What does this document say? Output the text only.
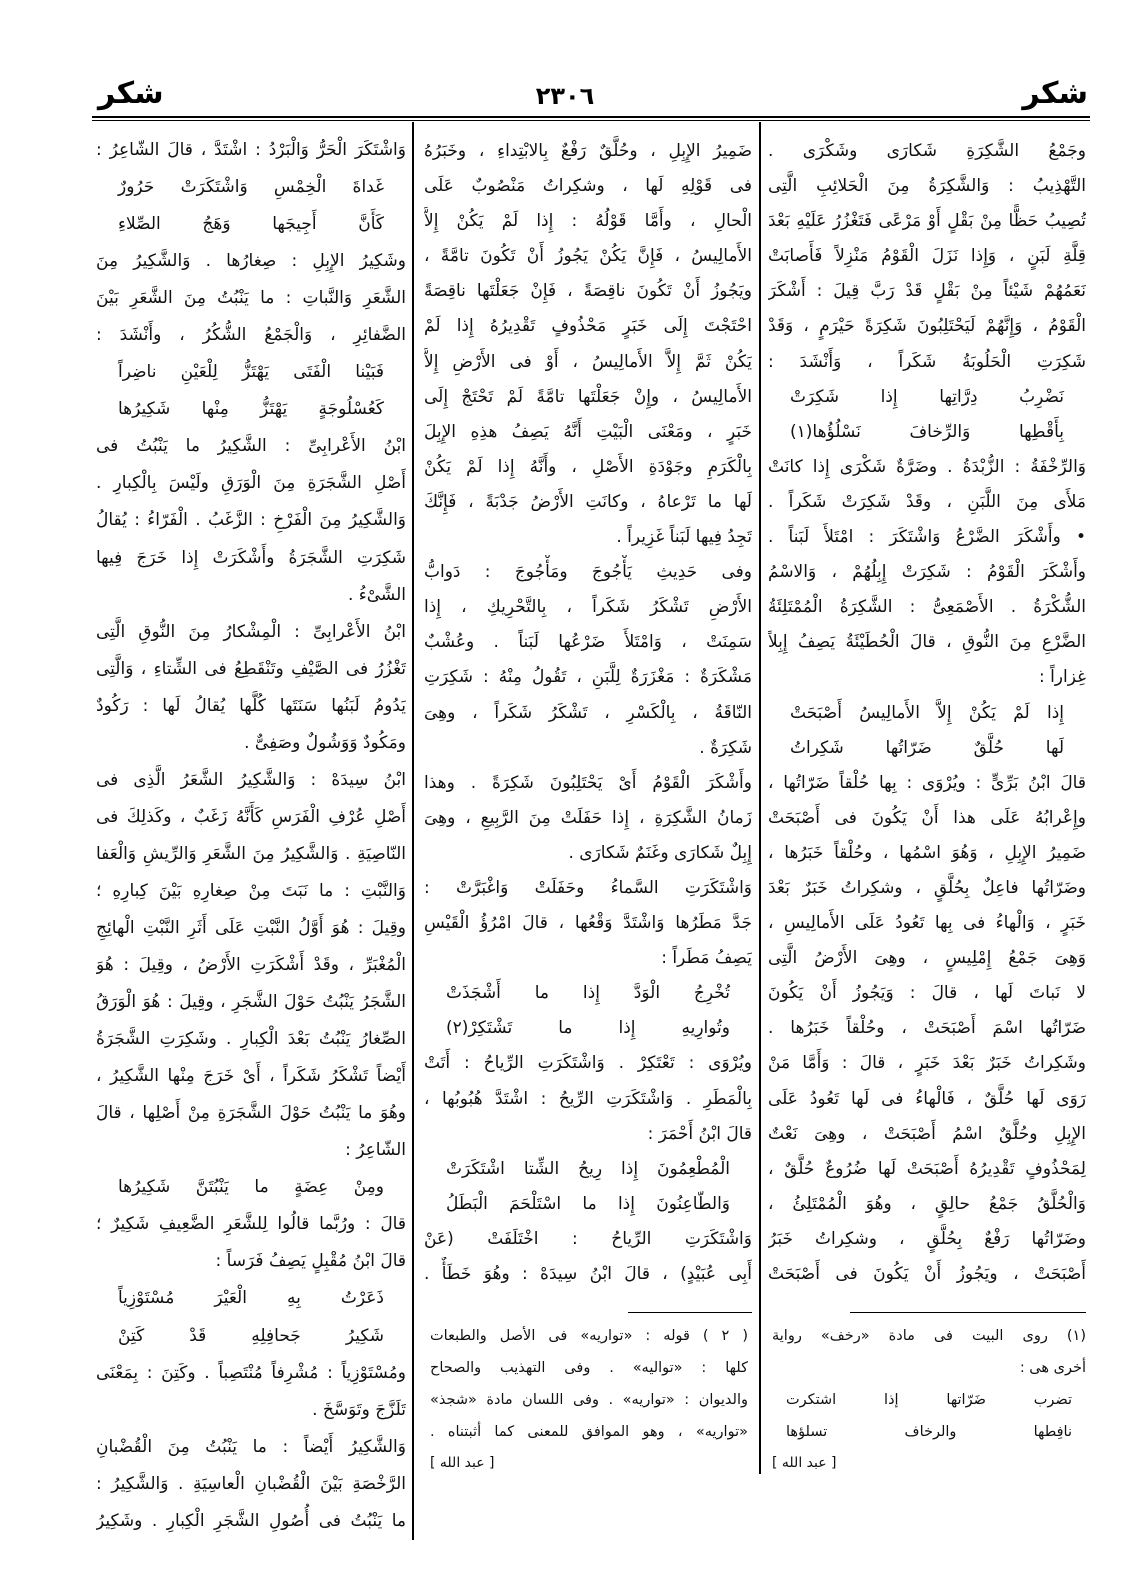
شكر
٢٣٠٦
شكر
وجَمْعُ الشَّكِرَةِ شَكارَى وشَكْرَى .
التَّهْذِيبُ : وَالشَّكِرَةُ مِنَ الْحَلائِبِ الَّتِى
تُصِيبُ حَظًّا مِنْ بَقْلٍ أَوْ مَرْعًى فَتَغْزُرُ عَلَيْهِ بَعْدَ
قِلَّةِ لَبَنٍ ، وَإِذا نَزَلَ الْقَوْمُ مَنْزِلاً فَأَصابَتْ
نَعَمُهُمْ شَيْئاً مِنْ بَقْلٍ قَدْ رَبَّ قِيلَ : أَشْكَرَ
الْقَوْمُ ، وَإِنَّهُمْ لَيَحْتَلِبُونَ شَكِرَةً حَيْرَمٍ ، وَقَدْ
شَكِرَتِ الْحَلُوبَةُ شَكَراً ، وَأَنْشَدَ :
نَضْرِبُ دِرَّاتِها إِذا شَكِرَتْ
بِأَقْطِها وَالرِّخافَ نَسْلُؤُها(١)
وَالرِّخْفَةُ : الزُّبْدَةُ . وضَرَّةٌ شَكْرَى إِذا كانَتْ
مَلأَى مِنَ اللَّبَنِ ، وقَدْ شَكِرَتْ شَكَراً .
• وأَشْكَرَ الضَّرْعُ وَاشْتَكَرَ : امْتَلأَ لَبَناً .
وأَشْكَرَ الْقَوْمُ : شَكِرَتْ إِبِلُهُمْ ، وَالاسْمُ
الشُّكْرَةُ . الأَصْمَعِىُّ : الشَّكِرَةُ الْمُمْتَلِئَةُ
الضَّرْعِ مِنَ النُّوقِ ، قالَ الْحُطَيْئَةُ يَصِفُ إِبِلاً
غِزاراً :
إِذا لَمْ يَكُنْ إِلاَّ الأَمالِيسُ أَصْبَحَتْ
لَها حُلَّقٌ ضَرّاتُها شَكِراتُ
قالَ ابْنُ بَرِّىٍّ : ويُرْوَى : بِها حُلْقاً ضَرّاتُها ،
وإِعْرابُهُ عَلَى هذا أَنْ يَكُونَ فى أَصْبَحَتْ
ضَمِيرُ الإِبِلِ ، وَهُوَ اسْمُها ، وحُلْقاً خَبَرُها ،
وضَرّاتُها فاعِلٌ بِحُلَّقٍ ، وشكِراتُ خَبَرٌ بَعْدَ
خَبَرٍ ، وَالْهاءُ فى بِها تَعُودُ عَلَى الأَمالِيسِ ،
وَهِىَ جَمْعُ إِمْلِيسٍ ، وهِىَ الأَرْضُ الَّتِى
لا نَباتَ لَها ، قالَ : وَيَجُوزُ أَنْ يَكُونَ
ضَرّاتُها اسْمَ أَصْبَحَتْ ، وحُلْقاً خَبَرُها .
وشَكِراتُ خَبَرٌ بَعْدَ خَبَرٍ ، قالَ : وَأَمَّا مَنْ
رَوَى لَها حُلَّقٌ ، فَالْهاءُ فى لَها تَعُودُ عَلَى
الإِبِلِ وحُلَّقٌ اسْمُ أَصْبَحَتْ ، وهِىَ نَعْتٌ
لِمَحْذُوفٍ تَقْدِيرُهُ أَصْبَحَتْ لَها ضُرُوعٌ حُلَّقٌ ،
وَالْحُلَّقُ جَمْعُ حالِقٍ ، وهُوَ الْمُمْتَلِئُ ،
وضَرّاتُها رَفْعٌ بِحُلَّقٍ ، وشكِراتُ خَبَرُ
أَصْبَحَتْ ، ويَجُوزُ أَنْ يَكُونَ فى أَصْبَحَتْ
ضَمِيرُ الإِبِلِ ، وحُلَّقٌ رَفْعٌ بِالابْتِداءِ ، وخَبَرُهُ
فى قَوْلِهِ لَها ، وشكِراتُ مَنْصُوبٌ عَلَى
الْحالِ ، وأَمَّا قَوْلُهُ : إِذا لَمْ يَكُنْ إِلاَّ
الأَمالِيسُ ، فَإِنَّ يَكُنْ يَجُوزُ أَنْ تَكُونَ تامَّةً ،
ويَجُوزُ أَنْ تَكُونَ ناقِصَةً ، فَإِنْ جَعَلْتَها ناقِصَةً
احْتَجْتَ إِلَى خَبَرٍ مَحْذُوفٍ تَقْدِيرُهُ إِذا لَمْ
يَكُنْ ثَمَّ إِلاَّ الأَمالِيسُ ، أَوْ فى الأَرْضِ إِلاَّ
الأَمالِيسُ ، وإِنْ جَعَلْتَها تامَّةً لَمْ تَحْتَجْ إِلَى
خَبَرٍ ، ومَعْنَى الْبَيْتِ أَنَّهُ يَصِفُ هذِهِ الإِبِلَ
بِالْكَرَمِ وجَوْدَةِ الأَصْلِ ، وأَنَّهُ إِذا لَمْ يَكُنْ
لَها ما تَرْعاهُ ، وكانَتِ الأَرْضُ جَدْبَةً ، فَإِنَّكَ
تَجِدُ فِيها لَبَناً غَزِيراً .
وفى حَدِيثِ يَأْجُوجَ ومَأْجُوجَ : دَوابُّ
الأَرْضِ تَشْكَرُ شَكَراً ، بِالتَّحْرِيكِ ، إِذا
سَمِنَتْ ، وَامْتَلأَ ضَرْعُها لَبَناً . وعُشْبٌ
مَشْكَرَةٌ : مَغْزَرَةٌ لِلَّبَنِ ، تَقُولُ مِنْهُ : شَكِرَتِ
النّاقَةُ ، بِالْكَسْرِ ، تَشْكَرُ شَكَراً ، وهِىَ
شَكِرَةٌ .
وأَشْكَرَ الْقَوْمُ أَىْ يَحْتَلِبُونَ شَكِرَةً . وهذا
زَمانُ الشَّكِرَةِ ، إِذا حَفَلَتْ مِنَ الرَّبِيعِ ، وهِىَ
إِبِلٌ شَكارَى وغَنَمٌ شَكارَى .
وَاشْتَكَرَتِ السَّماءُ وحَفَلَتْ وَاغْبَرَّتْ :
جَدَّ مَطَرُها وَاشْتَدَّ وَقْعُها ، قالَ امْرُؤُ الْقَيْسِ
يَصِفُ مَطَراً :
تُخْرِجُ الْوَدَّ إِذا ما أَشْجَذَتْ
وتُوارِيهِ إِذا ما تَشْتَكِرْ(٢)
ويُرْوَى : تَعْتَكِرْ . وَاشْتَكَرَتِ الرِّياحُ : أَتَتْ
بِالْمَطَرِ . وَاشْتَكَرَتِ الرِّيحُ : اشْتَدَّ هُبُوبُها ،
قالَ ابْنُ أَحْمَرَ :
الْمُطْعِمُونَ إِذا رِيحُ الشِّتا اشْتَكَرَتْ
وَالطّاعِنُونَ إِذا ما اسْتَلْحَمَ الْبَطَلُ
وَاشْتَكَرَتِ الرِّياحُ : اخْتَلَفَتْ (عَنْ
أَبِى عُبَيْدٍ) ، قالَ ابْنُ سِيدَهْ : وهُوَ خَطَأٌ .
وَاشْتَكَرَ الْحَرُّ وَالْبَرْدُ : اشْتَدَّ ، قالَ الشّاعِرُ :
غَداةَ الْخِمْسِ وَاشْتَكَرَتْ حَرُورٌ
كَأَنَّ أَجِيجَها وَهَجُ الصِّلاءِ
وشَكِيرُ الإِبِلِ : صِغارُها . وَالشَّكِيرُ مِنَ
الشَّعَرِ وَالنَّباتِ : ما يَنْبُتُ مِنَ الشَّعَرِ بَيْنَ
الضَّفائِرِ ، وَالْجَمْعُ الشُّكُرُ ، وأَنْشَدَ :
فَبَيْنا الْفَتَى يَهْتَزُّ لِلْعَيْنِ ناضِراً
كَعُسْلُوجَةٍ يَهْتَزُّ مِنْها شَكِيرُها
ابْنُ الأَعْرابِىِّ : الشَّكِيرُ ما يَنْبُتُ فى
أَصْلِ الشَّجَرَةِ مِنَ الْوَرَقِ ولَيْسَ بِالْكِبارِ .
وَالشَّكِيرُ مِنَ الْفَرْخِ : الزَّغَبُ . الْفَرّاءُ : يُقالُ
شَكِرَتِ الشَّجَرَةُ وأَشْكَرَتْ إِذا خَرَجَ فِيها
الشَّىْءُ .
ابْنُ الأَعْرابِىِّ : الْمِشْكارُ مِنَ النُّوقِ الَّتِى
تَغْزُرُ فى الصَّيْفِ وتَنْقَطِعُ فى الشِّتاءِ ، وَالَّتِى
يَدُومُ لَبَنُها سَنَتَها كُلَّها يُقالُ لَها : رَكُودٌ
ومَكُودٌ وَوَشُولٌ وصَفِىٌّ .
ابْنُ سِيدَهْ : وَالشَّكِيرُ الشَّعَرُ الَّذِى فى
أَصْلِ عُرْفِ الْفَرَسِ كَأَنَّهُ زَغَبٌ ، وكَذلِكَ فى
النّاصِيَةِ . وَالشَّكِيرُ مِنَ الشَّعَرِ وَالرِّيشِ وَالْعَفا
وَالنَّبْتِ : ما نَبَتَ مِنْ صِغارِهِ بَيْنَ كِبارِهِ ؛
وقِيلَ : هُوَ أَوَّلُ النَّبْتِ عَلَى أَثَرِ النَّبْتِ الْهائِجِ
الْمُغْبَرِّ ، وقَدْ أَشْكَرَتِ الأَرْضُ ، وقِيلَ : هُوَ
الشَّجَرُ يَنْبُتُ حَوْلَ الشَّجَرِ ، وقِيلَ : هُوَ الْوَرَقُ
الصِّغارُ يَنْبُتُ بَعْدَ الْكِبارِ . وشَكِرَتِ الشَّجَرَةُ
أَيْضاً تَشْكَرُ شَكَراً ، أَىْ خَرَجَ مِنْها الشَّكِيرُ ،
وهُوَ ما يَنْبُتُ حَوْلَ الشَّجَرَةِ مِنْ أَصْلِها ، قالَ
الشّاعِرُ :
ومِنْ عِضَةٍ ما يَنْبُتَنَّ شَكِيرُها
قالَ : ورُبَّما قالُوا لِلشَّعَرِ الضَّعِيفِ شَكِيرٌ ؛
قالَ ابْنُ مُقْبِلٍ يَصِفُ فَرَساً :
ذَعَرْتُ بِهِ الْعَيْرَ مُسْتَوْزِياً
شَكِيرُ جَحافِلِهِ قَدْ كَتِنْ
ومُسْتَوْزِياً : مُشْرِفاً مُنْتَصِباً . وكَتِنَ : بِمَعْنَى
تَلَزَّجَ وتَوَسَّخَ .
وَالشَّكِيرُ أَيْضاً : ما يَنْبُتُ مِنَ الْقُضْبانِ
الرَّخْصَةِ بَيْنَ الْقُضْبانِ الْعاسِيَةِ . وَالشَّكِيرُ :
ما يَنْبُتُ فى أُصُولِ الشَّجَرِ الْكِبارِ . وشَكِيرُ
(١) روى البيت فى مادة «رخف» رواية
أخرى هى :
تضرب ضَرّاتها إذا اشتكرت
نافِطها والرخاف تسلؤها
[ عبد الله ]
( ٢ ) قوله : «تواريه» فى الأصل والطبعات
كلها : «تواليه» . وفى التهذيب والصحاح
والديوان : «تواريه» . وفى اللسان مادة «شجذ»
«تواريه» ، وهو الموافق للمعنى كما أثبتناه .
[ عبد الله ]
